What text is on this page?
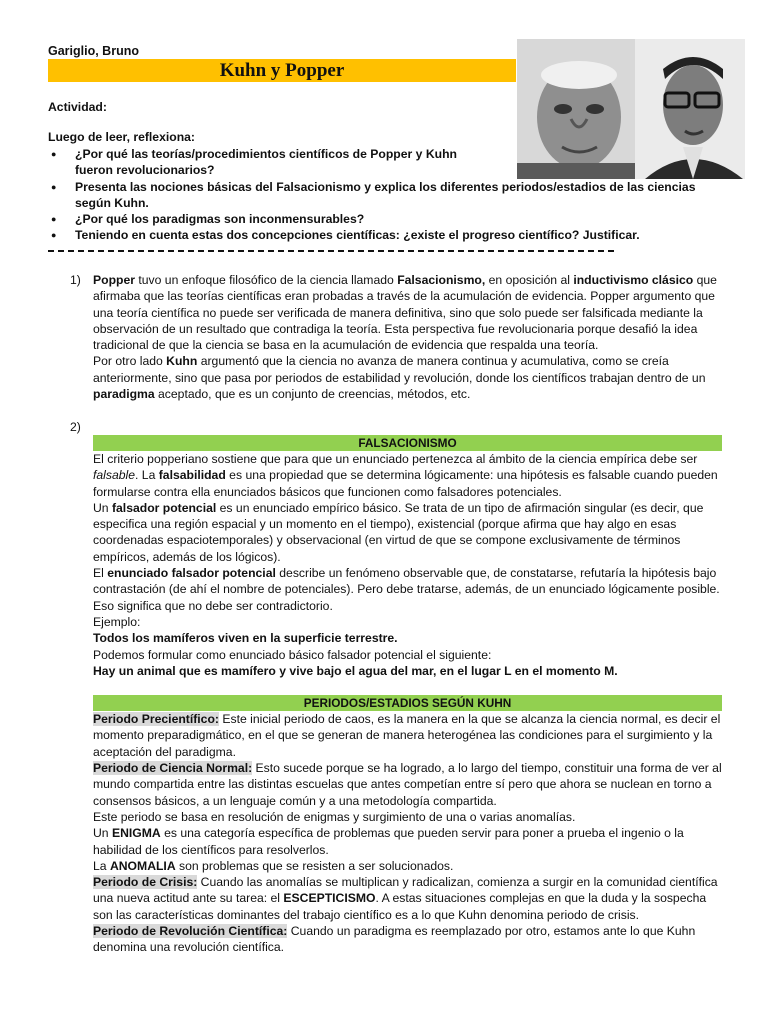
Gariglio, Bruno
Kuhn y Popper
Actividad:
Luego de leer, reflexiona:
● ¿Por qué las teorías/procedimientos científicos de Popper y Kuhn fueron revolucionarios?
● Presenta las nociones básicas del Falsacionismo y explica los diferentes periodos/estadios de las ciencias según Kuhn.
● ¿Por qué los paradigmas son inconmensurables?
● Teniendo en cuenta estas dos concepciones científicas: ¿existe el progreso científico? Justificar.
1) Popper tuvo un enfoque filosófico de la ciencia llamado Falsacionismo, en oposición al inductivismo clásico que afirmaba que las teorías científicas eran probadas a través de la acumulación de evidencia. Popper argumento que una teoría científica no puede ser verificada de manera definitiva, sino que solo puede ser falsificada mediante la observación de un resultado que contradiga la teoría. Esta perspectiva fue revolucionaria porque desafió la idea tradicional de que la ciencia se basa en la acumulación de evidencia que respalda una teoría.

Por otro lado Kuhn argumentó que la ciencia no avanza de manera continua y acumulativa, como se creía anteriormente, sino que pasa por periodos de estabilidad y revolución, donde los científicos trabajan dentro de un paradigma aceptado, que es un conjunto de creencias, métodos, etc.

2)
FALSACIONISMO

El criterio popperiano sostiene que para que un enunciado pertenezca al ámbito de la ciencia empírica debe ser falsable. La falsabilidad es una propiedad que se determina lógicamente: una hipótesis es falsable cuando pueden formularse contra ella enunciados básicos que funcionen como falsadores potenciales.

Un falsador potencial es un enunciado empírico básico. Se trata de un tipo de afirmación singular (es decir, que especifica una región espacial y un momento en el tiempo), existencial (porque afirma que hay algo en esas coordenadas espaciotemporales) y observacional (en virtud de que se compone exclusivamente de términos empíricos, además de los lógicos).

El enunciado falsador potencial describe un fenómeno observable que, de constatarse, refutaría la hipótesis bajo contrastación (de ahí el nombre de potenciales). Pero debe tratarse, además, de un enunciado lógicamente posible. Eso significa que no debe ser contradictorio.

Ejemplo:

Todos los mamíferos viven en la superficie terrestre.

Podemos formular como enunciado básico falsador potencial el siguiente:

Hay un animal que es mamífero y vive bajo el agua del mar, en el lugar L en el momento M.

PERIODOS/ESTADIOS SEGÚN KUHN

Periodo Precientífico: Este inicial periodo de caos, es la manera en la que se alcanza la ciencia normal, es decir el momento preparadigmático, en el que se generan de manera heterogénea las condiciones para el surgimiento y la aceptación del paradigma.

Periodo de Ciencia Normal: Esto sucede porque se ha logrado, a lo largo del tiempo, constituir una forma de ver al mundo compartida entre las distintas escuelas que antes competían entre sí pero que ahora se nuclean en torno a consensos básicos, a un lenguaje común y a una metodología compartida.

Este periodo se basa en resolución de enigmas y surgimiento de una o varias anomalías.

Un ENIGMA es una categoría específica de problemas que pueden servir para poner a prueba el ingenio o la habilidad de los científicos para resolverlos.

La ANOMALIA son problemas que se resisten a ser solucionados.

Periodo de Crisis: Cuando las anomalías se multiplican y radicalizan, comienza a surgir en la comunidad científica una nueva actitud ante su tarea: el ESCEPTICISMO. A estas situaciones complejas en que la duda y la sospecha son las características dominantes del trabajo científico es a lo que Kuhn denomina periodo de crisis.

Periodo de Revolución Científica: Cuando un paradigma es reemplazado por otro, estamos ante lo que Kuhn denomina una revolución científica.
